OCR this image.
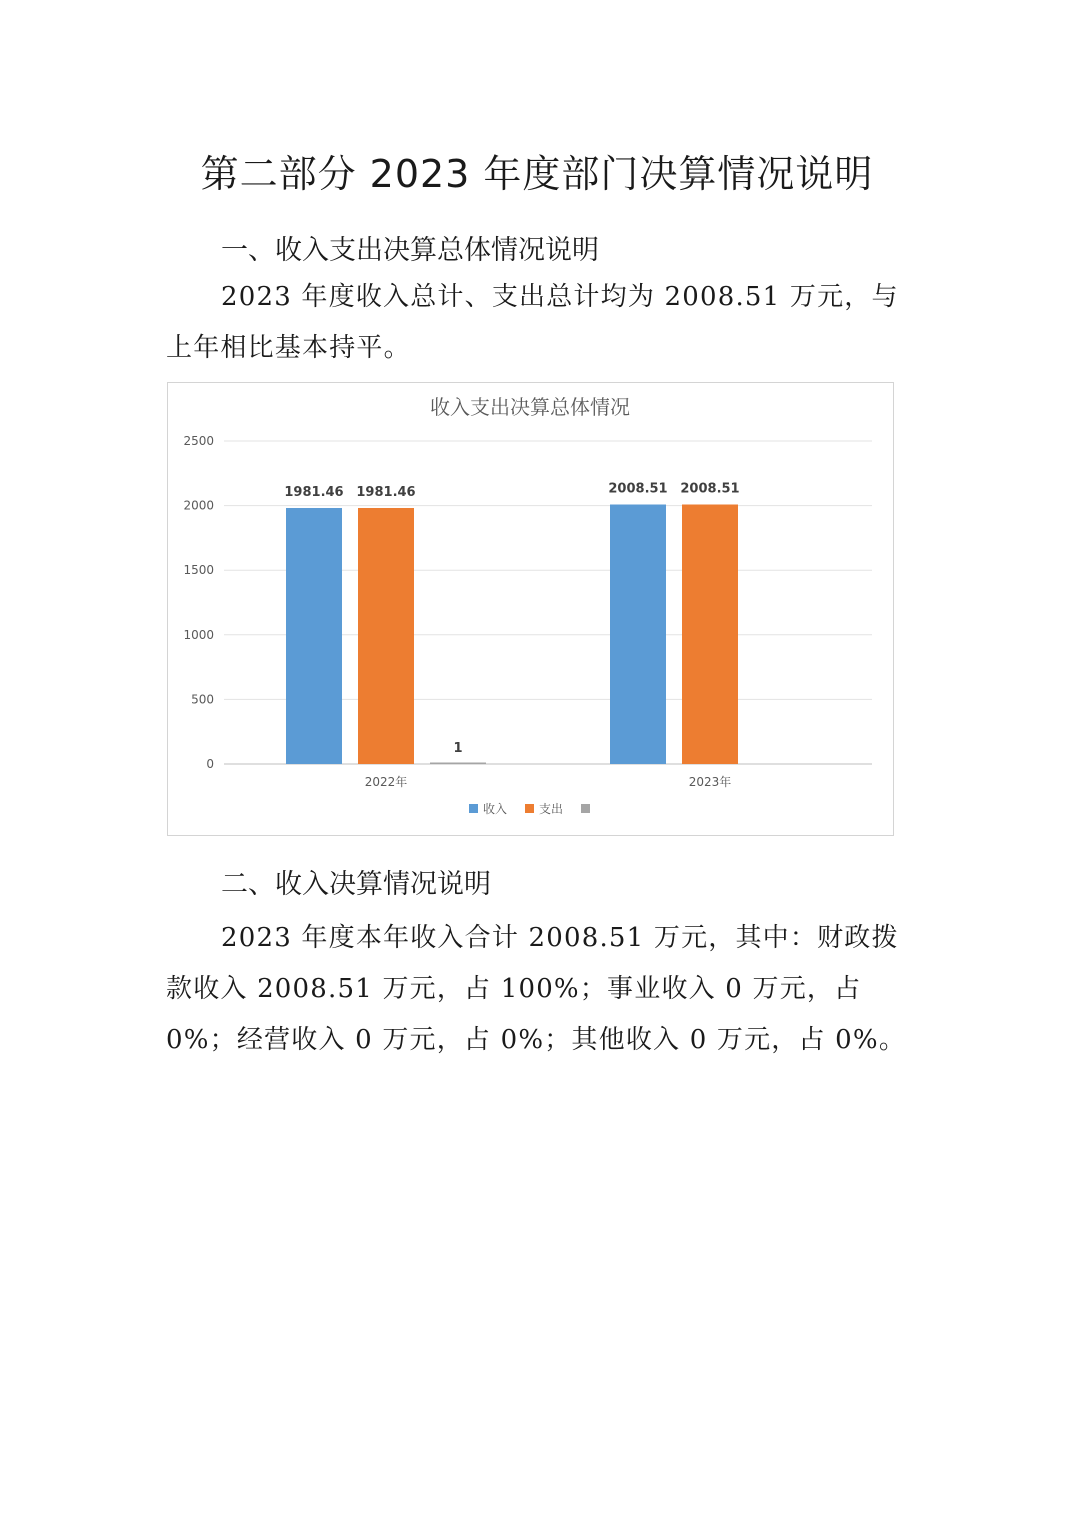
第二部分 2023 年度部门决算情况说明
一、收入支出决算总体情况说明

2023 年度收入总计、支出总计均为 2008.51 万元，与上年相比基本持平。

收入支出决算总体情况
0
500
1000
1500
2000
2500
1981.46 1981.46
1
2008.51 2008.51
2022年	2023年
收入	支出
二、收入决算情况说明

2023 年度本年收入合计 2008.51 万元，其中：财政拨款收入 2008.51 万元，占 100%；事业收入 0 万元，占 0%；经营收入 0 万元，占 0%；其他收入 0 万元，占 0%。
